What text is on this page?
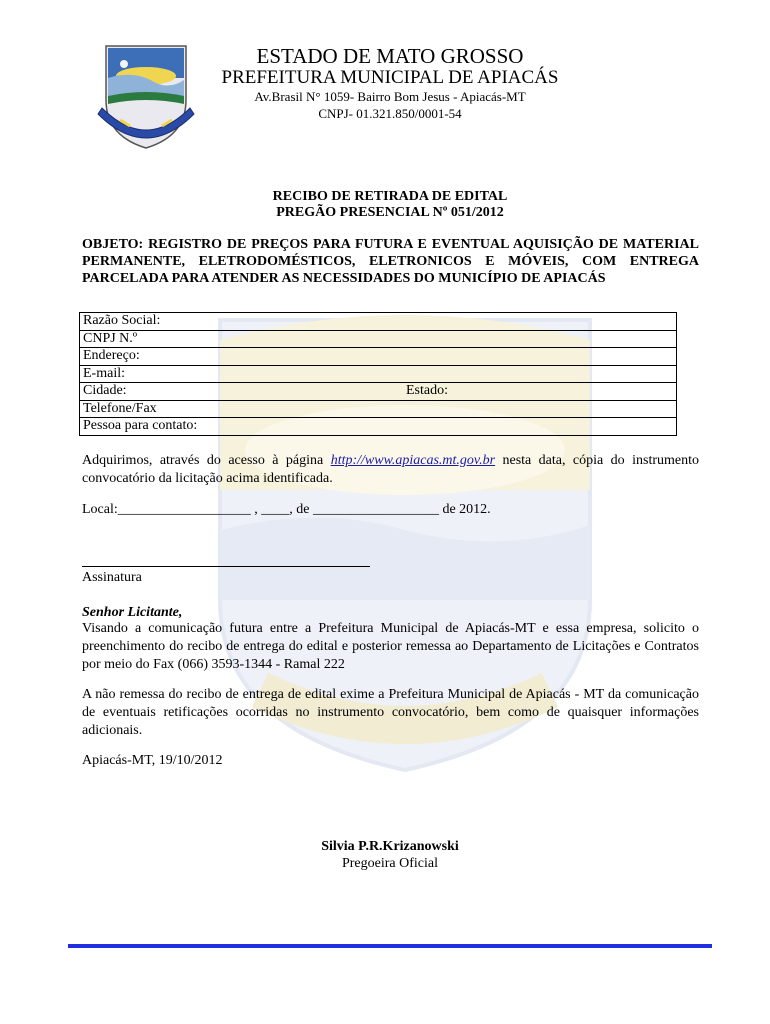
ESTADO DE MATO GROSSO
PREFEITURA MUNICIPAL DE APIACÁS
Av.Brasil N° 1059- Bairro Bom Jesus - Apiacás-MT
CNPJ- 01.321.850/0001-54
RECIBO DE RETIRADA DE EDITAL
PREGÃO PRESENCIAL Nº 051/2012

OBJETO: REGISTRO DE PREÇOS PARA FUTURA E EVENTUAL AQUISIÇÃO DE MATERIAL PERMANENTE, ELETRODOMÉSTICOS, ELETRONICOS E MÓVEIS, COM ENTREGA PARCELADA PARA ATENDER AS NECESSIDADES DO MUNICÍPIO DE APIACÁS

Razão Social:
CNPJ N.º
Endereço:
E-mail:
Cidade:	Estado:
Telefone/Fax
Pessoa para contato:

Adquirimos, através do acesso à página http://www.apiacas.mt.gov.br nesta data, cópia do instrumento convocatório da licitação acima identificada.

Local:___________________ , ____, de __________________ de 2012.
Assinatura
Senhor Licitante,

Visando a comunicação futura entre a Prefeitura Municipal de Apiacás-MT e essa empresa, solicito o preenchimento do recibo de entrega do edital e posterior remessa ao Departamento de Licitações e Contratos por meio do Fax (066) 3593-1344 - Ramal 222

A não remessa do recibo de entrega de edital exime a Prefeitura Municipal de Apiacás - MT da comunicação de eventuais retificações ocorridas no instrumento convocatório, bem como de quaisquer informações adicionais.

Apiacás-MT, 19/10/2012
Silvia P.R.Krizanowski
Pregoeira Oficial
